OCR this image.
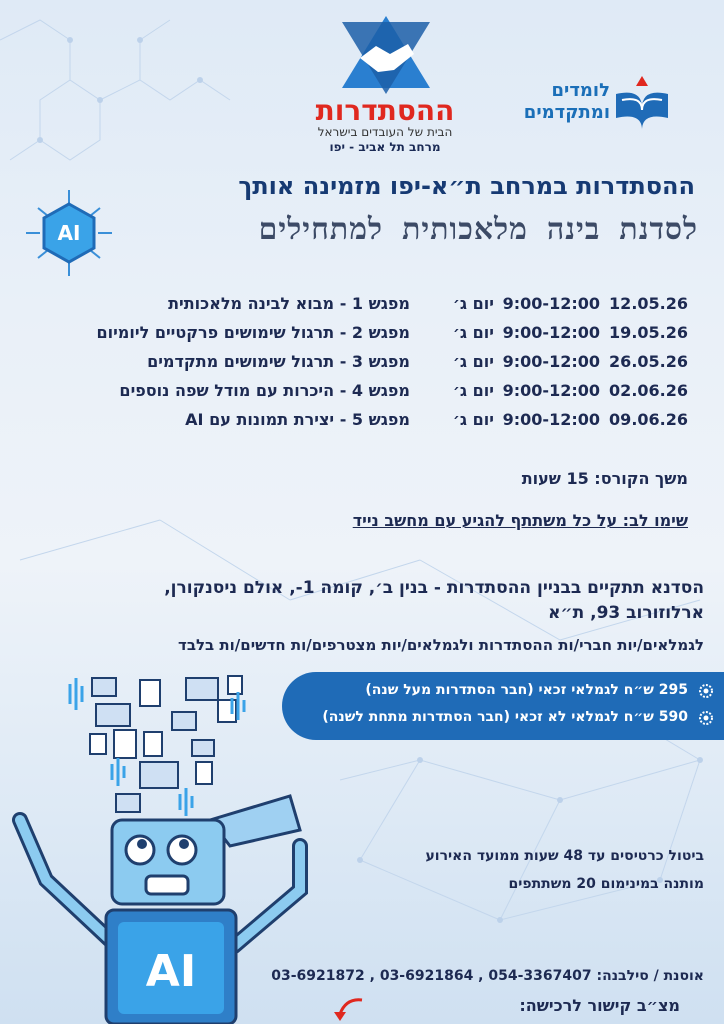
ההסתדרות
הבית של העובדים בישראל
מרחב תל אביב - יפו
לומדים
ומתקדמים
AI
ההסתדרות במרחב ת״א-יפו מזמינה אותך
לסדנת בינה מלאכותית למתחילים
12.05.26
9:00-12:00
יום ג׳
מפגש 1 - מבוא לבינה מלאכותית
19.05.26
9:00-12:00
יום ג׳
מפגש 2 - תרגול שימושים פרקטיים ליומיום
26.05.26
9:00-12:00
יום ג׳
מפגש 3 - תרגול שימושים מתקדמים
02.06.26
9:00-12:00
יום ג׳
מפגש 4 - היכרות עם מודל שפה נוספים
09.06.26
9:00-12:00
יום ג׳
מפגש 5 - יצירת תמונות עם AI
משך הקורס: 15 שעות
שימו לב: על כל משתתף להגיע עם מחשב נייד
הסדנא תתקיים בבניין ההסתדרות - בנין ב׳, קומה 1-, אולם ניסנקורן,
ארלוזורוב 93, ת״א
לגמלאים/יות חברי/ות ההסתדרות ולגמלאים/יות מצטרפים/ות חדשים/ות בלבד
295 ש״ח לגמלאי זכאי (חבר הסתדרות מעל שנה)
590 ש״ח לגמלאי לא זכאי (חבר הסתדרות מתחת לשנה)
AI
ביטול כרטיסים עד 48 שעות ממועד האירוע
מותנה במינימום 20 משתתפים
אוסנת / סילבנה: 054-3367407 , 03-6921864 , 03-6921872
מצ״ב קישור לרכישה:
